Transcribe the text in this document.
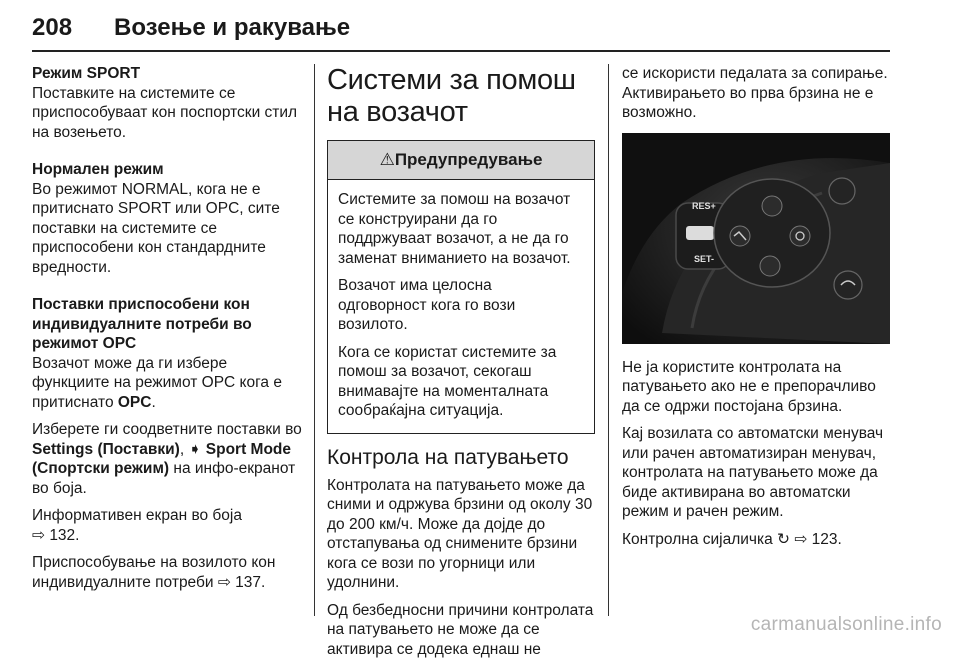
208 Возење и ракување

Режим SPORT

Поставките на системите се приспособуваат кон поспортски стил на возењето.

Нормален режим

Во режимот NORMAL, кога не е притиснато SPORT или OPC, сите поставки на системите се приспособени кон стандардните вредности.

Поставки приспособени кон индивидуалните потреби во режимот OPC

Возачот може да ги избере функциите на режимот OPC кога е притиснато OPC.

Изберете ги соодветните поставки во Settings (Поставки), ➧ Sport Mode (Спортски режим) на инфо-екранот во боја.

Информативен екран во боја
⇨ 132.

Приспособување на возилото кон индивидуалните потреби ⇨ 137.

Системи за помош на возачот
⚠Предупредување

Системите за помош на возачот се конструирани да го поддржуваат возачот, а не да го заменат вниманието на возачот.

Возачот има целосна одговорност кога го вози возилото.

Кога се користат системите за помош за возачот, секогаш внимавајте на моменталната сообраќајна ситуација.

Контрола на патувањето

Контролата на патувањето може да сними и одржува брзини од околу 30 до 200 км/ч. Може да дојде до отстапувања од снимените брзини кога се вози по угорници или удолнини.

Од безбедносни причини контролата на патувањето не може да се активира се додека еднаш не

се искористи педалата за сопирање. Активирањето во прва брзина не е возможно.

RES+
SET-

Не ја користите контролата на патувањето ако не е препорачливо да се одржи постојана брзина.

Кај возилата со автоматски менувач или рачен автоматизиран менувач, контролата на патувањето може да биде активирана во автоматски режим и рачен режим.

Контролна сијаличка ↻ ⇨ 123.

carmanualsonline.info
